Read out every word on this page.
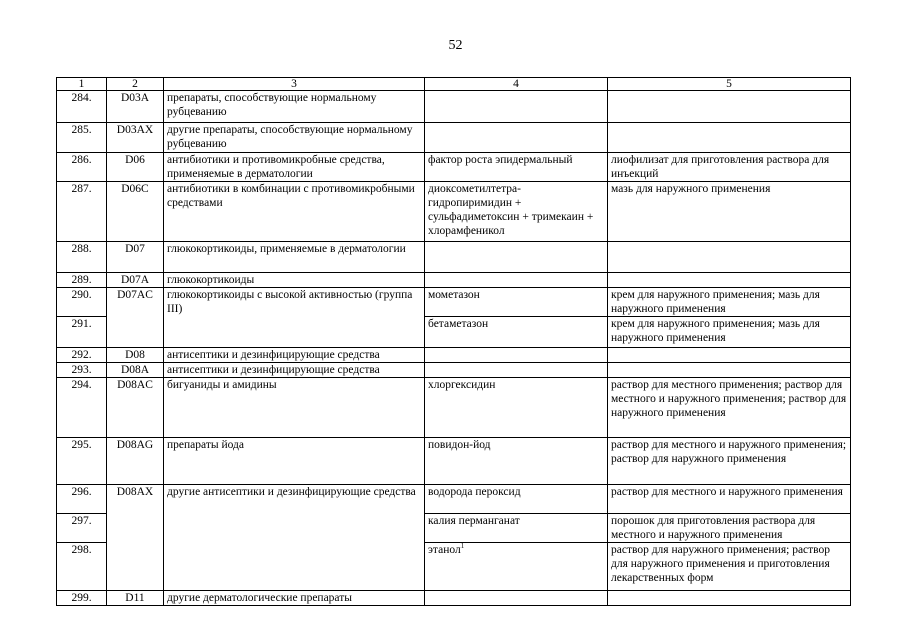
52
1	2	3	4	5
284.	D03A	препараты, способствующие нормальному рубцеванию		
285.	D03AX	другие препараты, способствующие нормальному рубцеванию		
286.	D06	антибиотики и противомикробные средства, применяемые в дерматологии	фактор роста эпидермальный	лиофилизат для приготовления раствора для инъекций
287.	D06C	антибиотики в комбинации с противомикробными средствами	диоксометилтетра-гидропиримидин + сульфадиметоксин + тримекаин + хлорамфеникол	мазь для наружного применения
288.	D07	глюкокортикоиды, применяемые в дерматологии		
289.	D07A	глюкокортикоиды		
290.	D07AC	глюкокортикоиды с высокой активностью (группа III)	мометазон	крем для наружного применения; мазь для наружного применения
291.			бетаметазон	крем для наружного применения; мазь для наружного применения
292.	D08	антисептики и дезинфицирующие средства		
293.	D08A	антисептики и дезинфицирующие средства		
294.	D08AC	бигуаниды и амидины	хлоргексидин	раствор для местного применения; раствор для местного и наружного применения; раствор для наружного применения
295.	D08AG	препараты йода	повидон-йод	раствор для местного и наружного применения; раствор для наружного применения
296.	D08AX	другие антисептики и дезинфицирующие средства	водорода пероксид	раствор для местного и наружного применения
297.			калия перманганат	порошок для приготовления раствора для местного и наружного применения
298.			этанол$^1$	раствор для наружного применения; раствор для наружного применения и приготовления лекарственных форм
299.	D11	другие дерматологические препараты		
